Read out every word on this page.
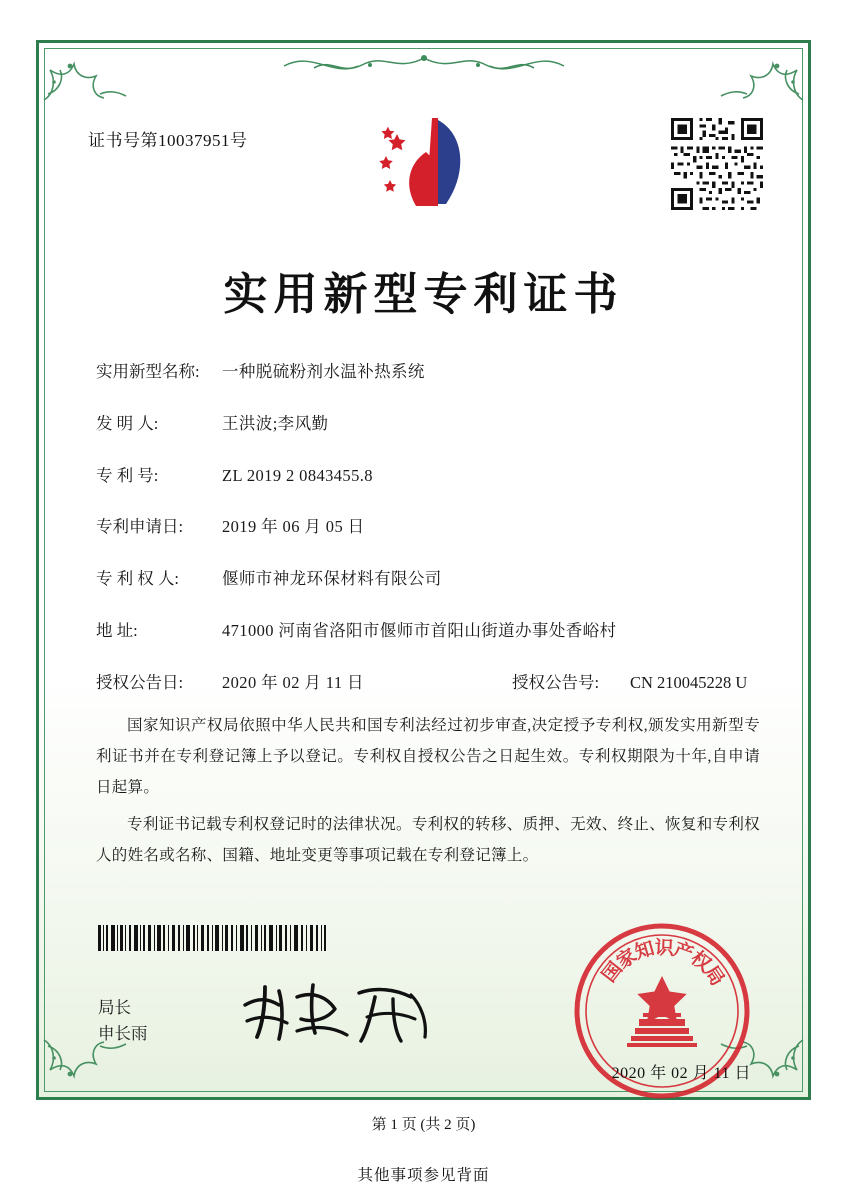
证书号第10037951号
实用新型专利证书
实用新型名称:	一种脱硫粉剂水温补热系统
发 明 人:	王洪波;李风勤
专 利 号:	ZL 2019 2 0843455.8
专利申请日:	2019 年 06 月 05 日
专 利 权 人:	偃师市神龙环保材料有限公司
地 址:	471000 河南省洛阳市偃师市首阳山街道办事处香峪村
授权公告日:	2020 年 02 月 11 日	授权公告号:	CN 210045228 U

国家知识产权局依照中华人民共和国专利法经过初步审查,决定授予专利权,颁发实用新型专利证书并在专利登记簿上予以登记。专利权自授权公告之日起生效。专利权期限为十年,自申请日起算。

专利证书记载专利权登记时的法律状况。专利权的转移、质押、无效、终止、恢复和专利权人的姓名或名称、国籍、地址变更等事项记载在专利登记簿上。

局长
申长雨
国
家
知
识
产
权
局
2020 年 02 月 11 日
第 1 页 (共 2 页)
其他事项参见背面
